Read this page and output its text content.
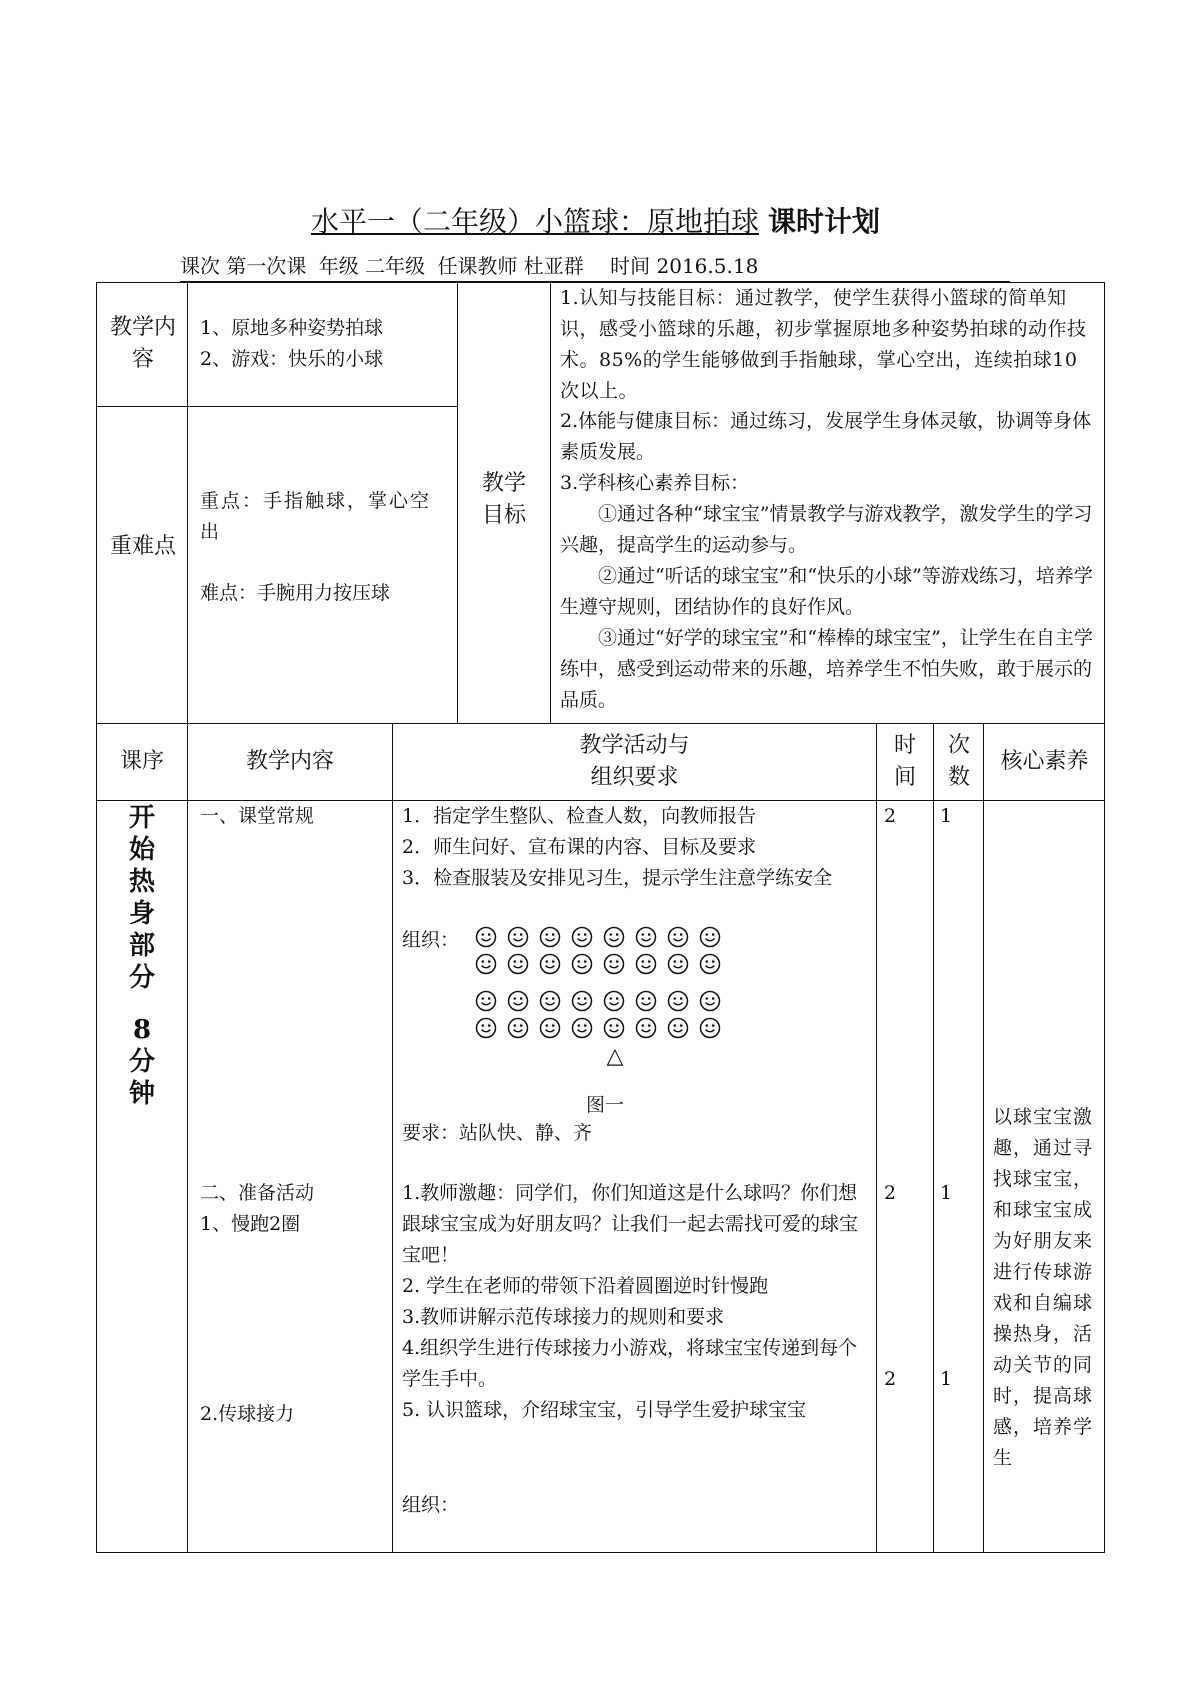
水平一（二年级）小篮球：原地拍球 课时计划
课次 第一次课 年级 二年级 任课教师 杜亚群 时间 2016.5.18
教学内容
1、原地多种姿势拍球
2、游戏：快乐的小球
重难点
重点：手指触球，掌心空出
难点：手腕用力按压球
教学目标
1.认知与技能目标：通过教学，使学生获得小篮球的简单知识，感受小篮球的乐趣，初步掌握原地多种姿势拍球的动作技术。85%的学生能够做到手指触球，掌心空出，连续拍球10次以上。
2.体能与健康目标：通过练习，发展学生身体灵敏，协调等身体素质发展。
3.学科核心素养目标：
①通过各种“球宝宝”情景教学与游戏教学，激发学生的学习兴趣，提高学生的运动参与。
②通过“听话的球宝宝”和“快乐的小球”等游戏练习，培养学生遵守规则，团结协作的良好作风。
③通过“好学的球宝宝”和“棒棒的球宝宝”，让学生在自主学练中，感受到运动带来的乐趣，培养学生不怕失败，敢于展示的品质。
课序	教学内容
教学活动与
组织要求
时间
次数
核心素养
开
始
热
身
部
分
8
分
钟
一、课堂常规
二、准备活动
1、慢跑2圈
2.传球接力
1．指定学生整队、检查人数，向教师报告
2．师生问好、宣布课的内容、目标及要求
3．检查服装及安排见习生，提示学生注意学练安全
组织：
△
图一
要求：站队快、静、齐
1.教师激趣：同学们，你们知道这是什么球吗？你们想跟球宝宝成为好朋友吗？让我们一起去需找可爱的球宝宝吧！
2. 学生在老师的带领下沿着圆圈逆时针慢跑
3.教师讲解示范传球接力的规则和要求
4.组织学生进行传球接力小游戏，将球宝宝传递到每个学生手中。
5. 认识篮球，介绍球宝宝，引导学生爱护球宝宝
组织：
2 1
2 1
2 1
以球宝宝激趣，通过寻找球宝宝，和球宝宝成为好朋友来进行传球游戏和自编球操热身，活动关节的同时，提高球感，培养学生
